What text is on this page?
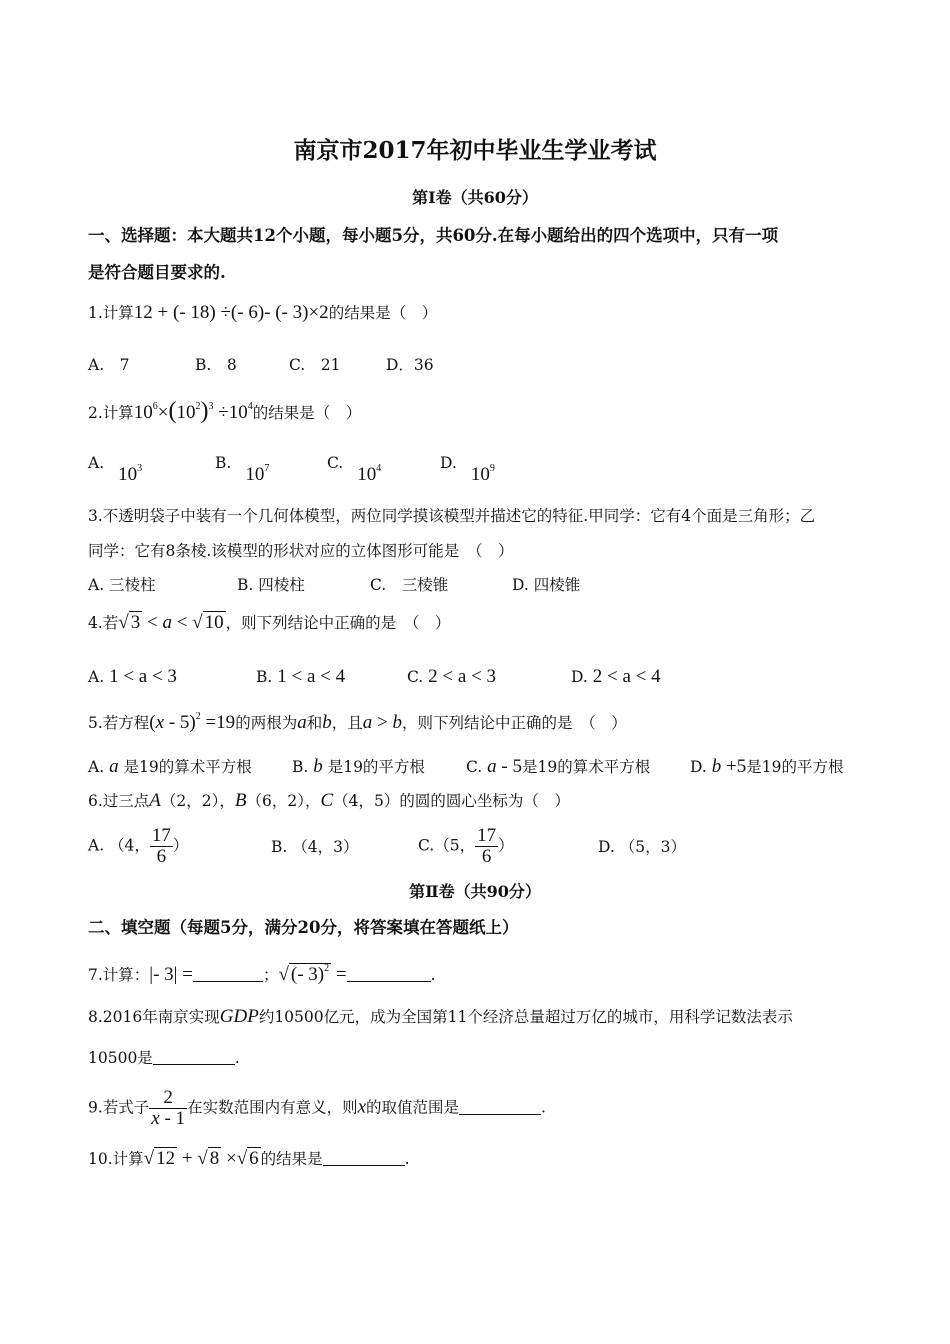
南京市2017年初中毕业生学业考试
第Ⅰ卷（共60分）
一、选择题：本大题共12个小题，每小题5分，共60分.在每小题给出的四个选项中，只有一项
是符合题目要求的.
1.计算12 + (- 18) ÷(- 6)- (- 3)×2的结果是（　）
A.　7	B.　8	C.　21	D．36
2.计算$10^6\times(10^2)^3 \div 10^4$的结果是（　）
$A.10^3$	$B.10^7$	$C.10^4$	$D.10^9$
3.不透明袋子中装有一个几何体模型，两位同学摸该模型并描述它的特征.甲同学：它有4个面是三角形；乙
同学：它有8条棱.该模型的形状对应的立体图形可能是　（　）
A. 三棱柱	B. 四棱柱	C.　三棱锥	D. 四棱锥
4.若√ 3 < a < √ 10 ，则下列结论中正确的是　（　）
A. 1 < a < 3	B. 1 < a < 4	C. 2 < a < 3	D. 2 < a < 4
5.若方程(x - 5)$^2$ =19的两根为a和b，且a > b，则下列结论中正确的是　（　）
A. a 是19的算术平方根	B. b 是19的平方根	C. a - 5是19的算术平方根	D. b +5是19的平方根
6.过三点A（2，2），B（6，2），C（4，5）的圆的圆心坐标为（　）
A. （4， $\frac{17}{6}$ ）	B. （4，3）	C.（5， $\frac{17}{6}$ ）	D. （5，3）
第Ⅱ卷（共90分）
二、填空题（每题5分，满分20分，将答案填在答题纸上）
7.计算：|- 3| =	；√ (- 3)$^2$ =	.
8.2016年南京实现GDP约10500亿元，成为全国第11个经济总量超过万亿的城市，用科学记数法表示
10500是	.
9.若式子 $\frac{2}{x - 1}$ 在实数范围内有意义，则x的取值范围是	.
10.计算√ 12 + √ 8 ×√ 6 的结果是	.
